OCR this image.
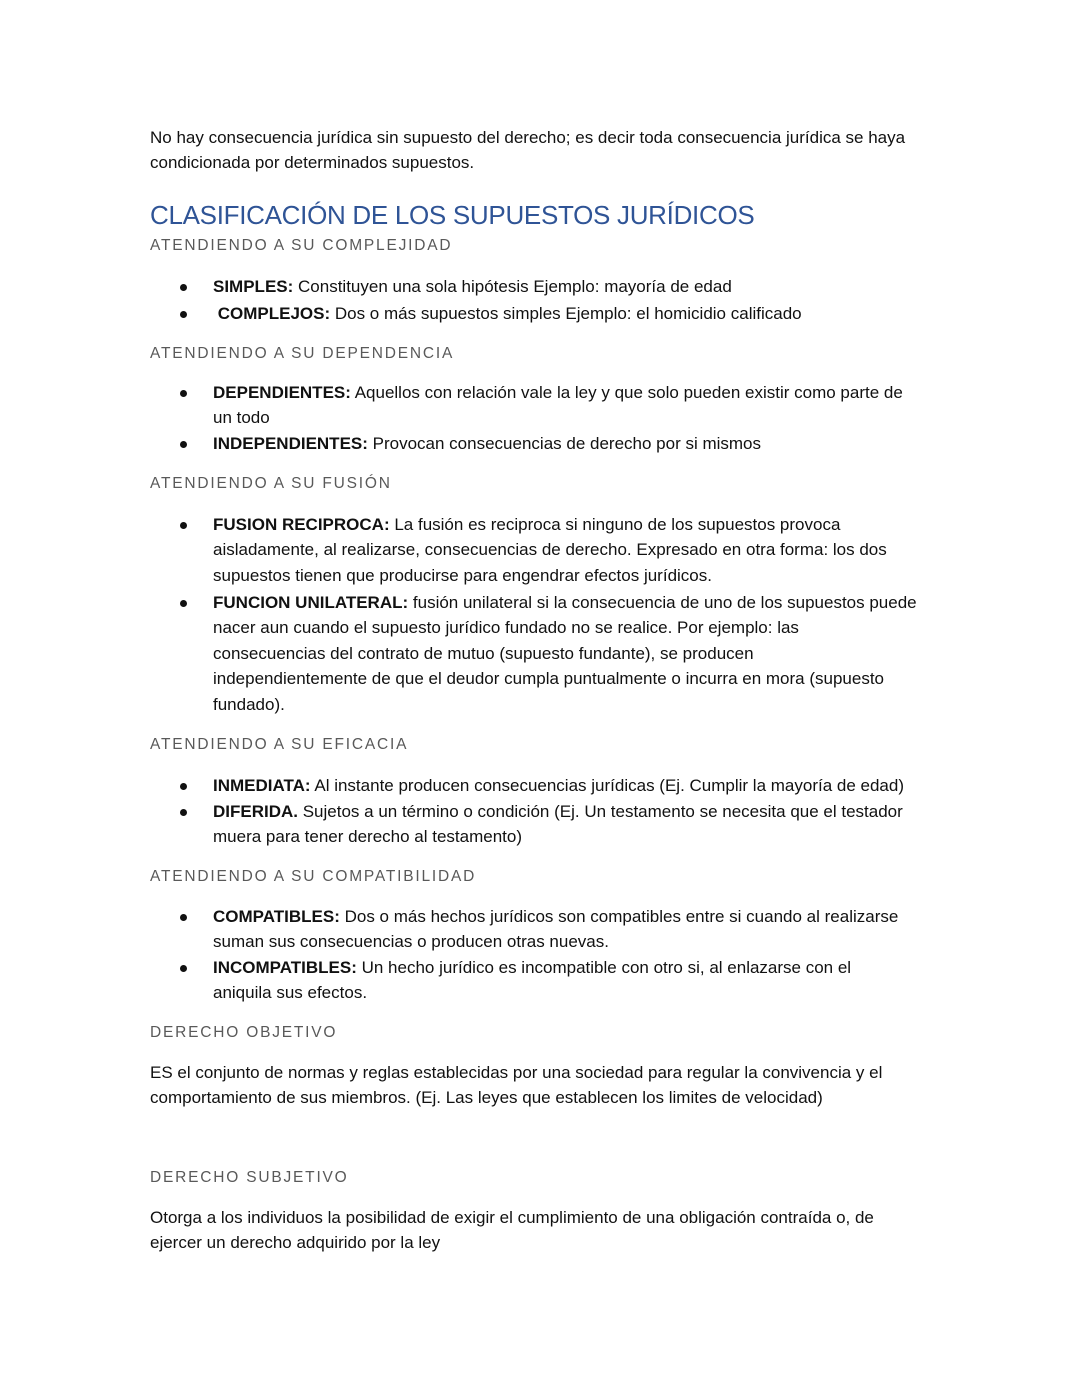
No hay consecuencia jurídica sin supuesto del derecho; es decir toda consecuencia jurídica se haya
condicionada por determinados supuestos.
CLASIFICACIÓN DE LOS SUPUESTOS JURÍDICOS
ATENDIENDO A SU COMPLEJIDAD
SIMPLES: Constituyen una sola hipótesis Ejemplo: mayoría de edad
COMPLEJOS: Dos o más supuestos simples Ejemplo: el homicidio calificado
ATENDIENDO A SU DEPENDENCIA
DEPENDIENTES: Aquellos con relación vale la ley y que solo pueden existir como parte de
un todo
INDEPENDIENTES: Provocan consecuencias de derecho por si mismos
ATENDIENDO A SU FUSIÓN
FUSION RECIPROCA: La fusión es reciproca si ninguno de los supuestos provoca
aisladamente, al realizarse, consecuencias de derecho. Expresado en otra forma: los dos
supuestos tienen que producirse para engendrar efectos jurídicos.
FUNCION UNILATERAL: fusión unilateral si la consecuencia de uno de los supuestos puede
nacer aun cuando el supuesto jurídico fundado no se realice. Por ejemplo: las
consecuencias del contrato de mutuo (supuesto fundante), se producen
independientemente de que el deudor cumpla puntualmente o incurra en mora (supuesto
fundado).
ATENDIENDO A SU EFICACIA
INMEDIATA: Al instante producen consecuencias jurídicas (Ej. Cumplir la mayoría de edad)
DIFERIDA. Sujetos a un término o condición (Ej. Un testamento se necesita que el testador
muera para tener derecho al testamento)
ATENDIENDO A SU COMPATIBILIDAD
COMPATIBLES: Dos o más hechos jurídicos son compatibles entre si cuando al realizarse
suman sus consecuencias o producen otras nuevas.
INCOMPATIBLES: Un hecho jurídico es incompatible con otro si, al enlazarse con el
aniquila sus efectos.
DERECHO OBJETIVO
ES el conjunto de normas y reglas establecidas por una sociedad para regular la convivencia y el
comportamiento de sus miembros. (Ej. Las leyes que establecen los limites de velocidad)
DERECHO SUBJETIVO
Otorga a los individuos la posibilidad de exigir el cumplimiento de una obligación contraída o, de
ejercer un derecho adquirido por la ley
